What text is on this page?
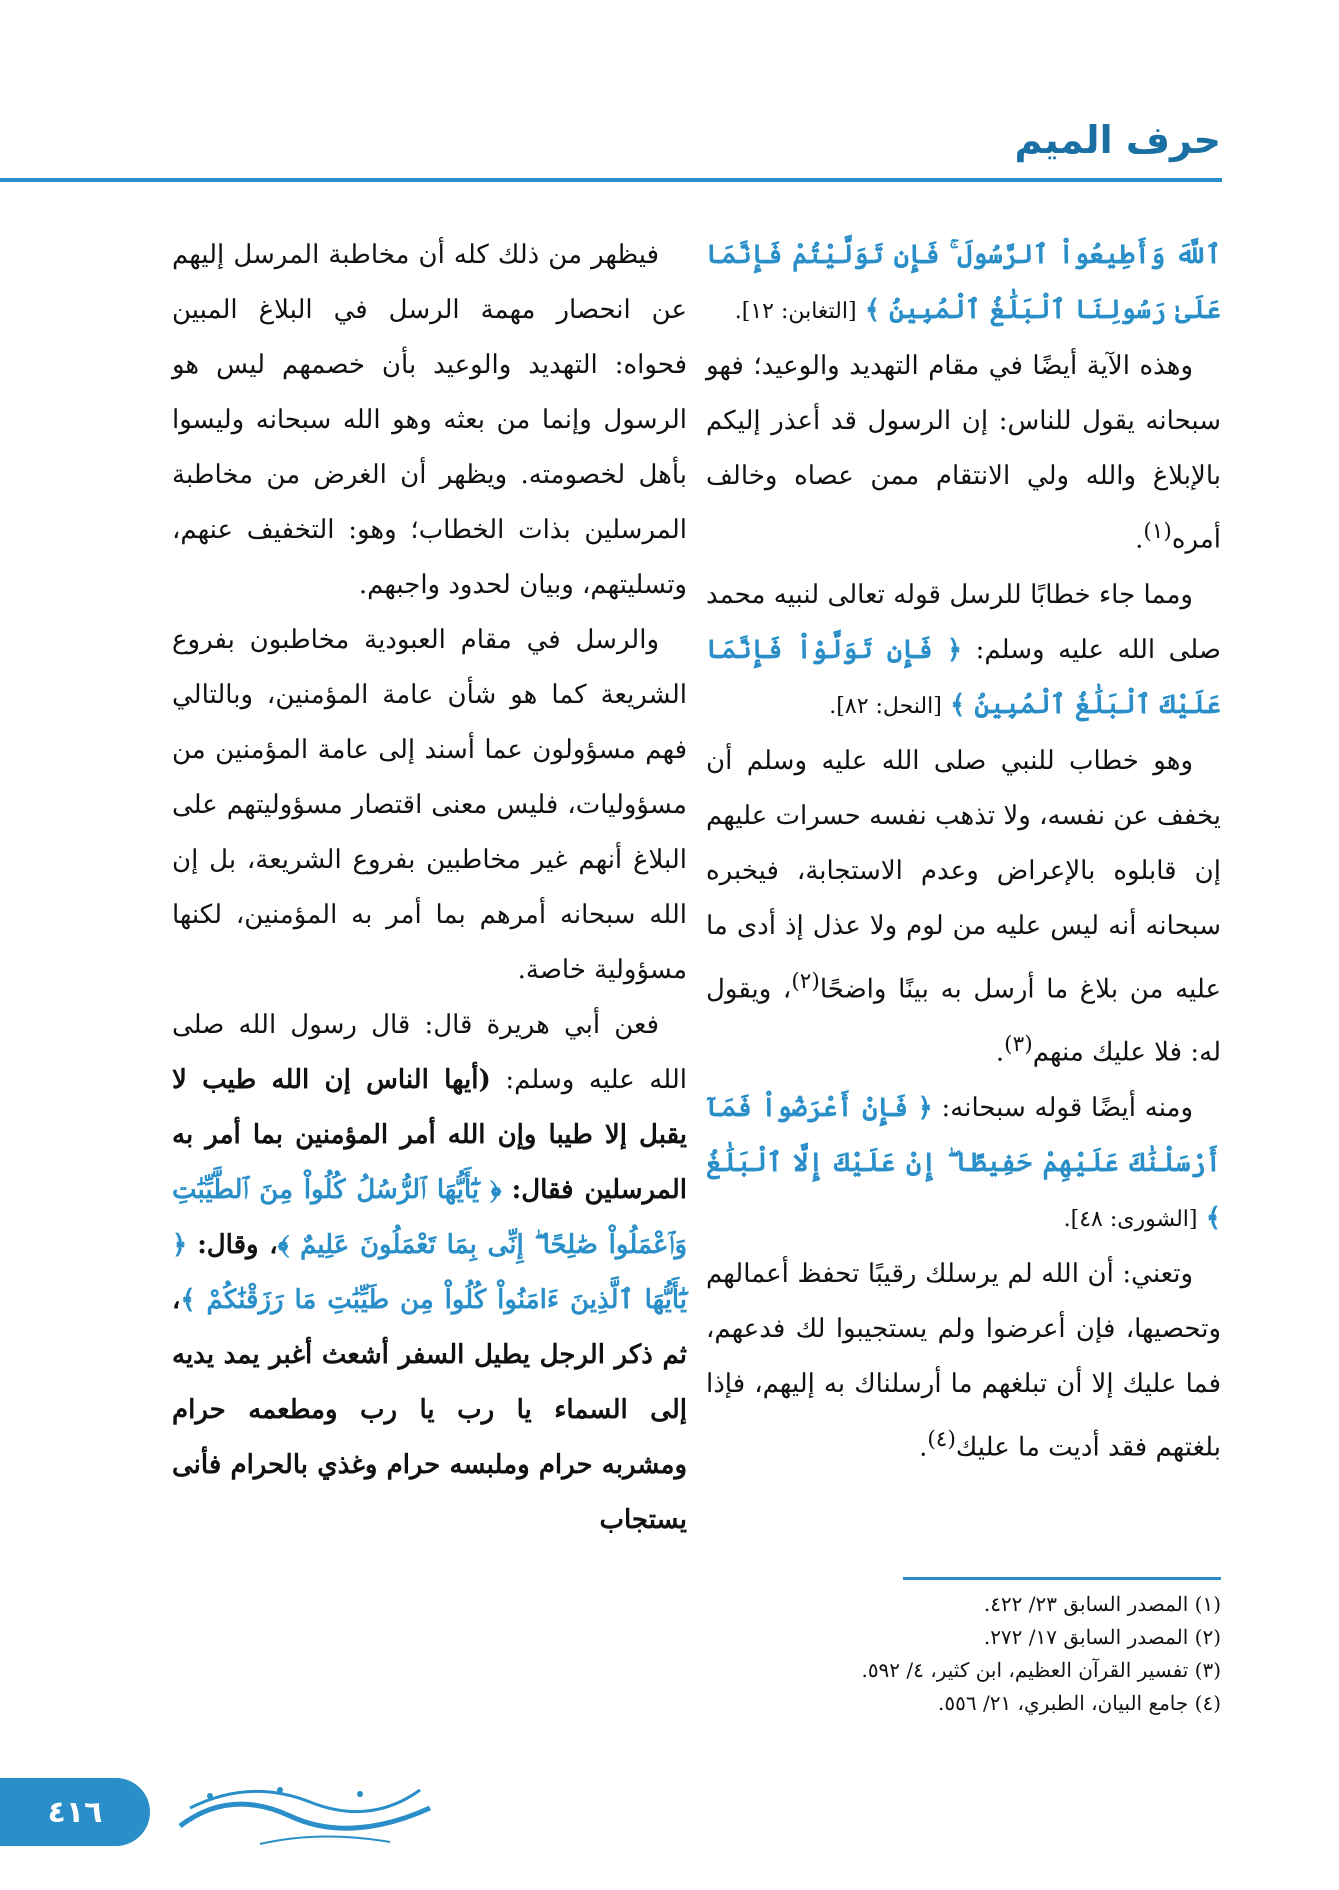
حرف الميم

ٱللَّهَ وَأَطِيعُواْ ٱلرَّسُولَ ۚ فَإِن تَوَلَّيْتُمْ فَإِنَّمَا عَلَىٰ رَسُولِنَا ٱلْبَلَٰغُ ٱلْمُبِينُ ﴾ [التغابن: ١٢].

وهذه الآية أيضًا في مقام التهديد والوعيد؛ فهو سبحانه يقول للناس: إن الرسول قد أعذر إليكم بالإبلاغ والله ولي الانتقام ممن عصاه وخالف أمره$^{(١)}$.

ومما جاء خطابًا للرسل قوله تعالى لنبيه محمد صلى الله عليه وسلم: ﴿ فَإِن تَوَلَّوْاْ فَإِنَّمَا عَلَيْكَ ٱلْبَلَٰغُ ٱلْمُبِينُ ﴾ [النحل: ٨٢].

وهو خطاب للنبي صلى الله عليه وسلم أن يخفف عن نفسه، ولا تذهب نفسه حسرات عليهم إن قابلوه بالإعراض وعدم الاستجابة، فيخبره سبحانه أنه ليس عليه من لوم ولا عذل إذ أدى ما عليه من بلاغ ما أرسل به بينًا واضحًا$^{(٢)}$، ويقول له: فلا عليك منهم$^{(٣)}$.

ومنه أيضًا قوله سبحانه: ﴿ فَإِنْ أَعْرَضُواْ فَمَآ أَرْسَلْنَٰكَ عَلَيْهِمْ حَفِيظًا ۖ إِنْ عَلَيْكَ إِلَّا ٱلْبَلَٰغُ ﴾ [الشورى: ٤٨].

وتعني: أن الله لم يرسلك رقيبًا تحفظ أعمالهم وتحصيها، فإن أعرضوا ولم يستجيبوا لك فدعهم، فما عليك إلا أن تبلغهم ما أرسلناك به إليهم، فإذا بلغتهم فقد أديت ما عليك$^{(٤)}$.

فيظهر من ذلك كله أن مخاطبة المرسل إليهم عن انحصار مهمة الرسل في البلاغ المبين فحواه: التهديد والوعيد بأن خصمهم ليس هو الرسول وإنما من بعثه وهو الله سبحانه وليسوا بأهل لخصومته. ويظهر أن الغرض من مخاطبة المرسلين بذات الخطاب؛ وهو: التخفيف عنهم، وتسليتهم، وبيان لحدود واجبهم.

والرسل في مقام العبودية مخاطبون بفروع الشريعة كما هو شأن عامة المؤمنين، وبالتالي فهم مسؤولون عما أسند إلى عامة المؤمنين من مسؤوليات، فليس معنى اقتصار مسؤوليتهم على البلاغ أنهم غير مخاطبين بفروع الشريعة، بل إن الله سبحانه أمرهم بما أمر به المؤمنين، لكنها مسؤولية خاصة.

فعن أبي هريرة قال: قال رسول الله صلى الله عليه وسلم: (أيها الناس إن الله طيب لا يقبل إلا طيبا وإن الله أمر المؤمنين بما أمر به المرسلين فقال: ﴿ يَٰٓأَيُّهَا ٱلرُّسُلُ كُلُواْ مِنَ ٱلطَّيِّبَٰتِ وَٱعْمَلُواْ صَٰلِحًا ۖ إِنِّى بِمَا تَعْمَلُونَ عَلِيمٌ ﴾، وقال: ﴿ يَٰٓأَيُّهَا ٱلَّذِينَ ءَامَنُواْ كُلُواْ مِن طَيِّبَٰتِ مَا رَزَقْنَٰكُمْ ﴾، ثم ذكر الرجل يطيل السفر أشعث أغبر يمد يديه إلى السماء يا رب يا رب ومطعمه حرام ومشربه حرام وملبسه حرام وغذي بالحرام فأنى يستجاب

(١) المصدر السابق ٢٣/ ٤٢٢.
(٢) المصدر السابق ١٧/ ٢٧٢.
(٣) تفسير القرآن العظيم، ابن كثير، ٤/ ٥٩٢.
(٤) جامع البيان، الطبري، ٢١/ ٥٥٦.
٤١٦
